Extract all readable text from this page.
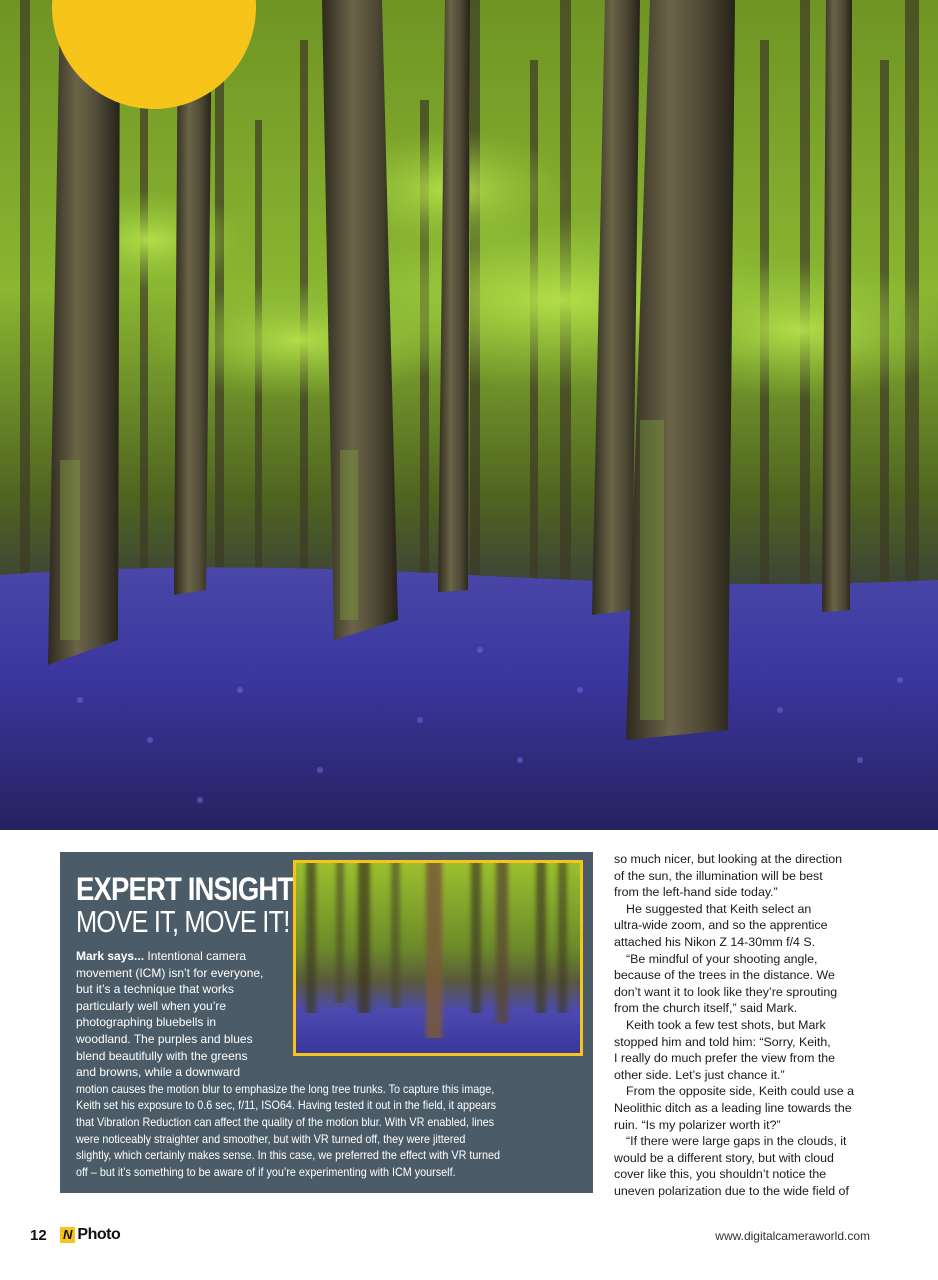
EXPERT INSIGHT
MOVE IT, MOVE IT!
Mark says... Intentional camera
movement (ICM) isn’t for everyone,
but it’s a technique that works
particularly well when you’re
photographing bluebells in
woodland. The purples and blues
blend beautifully with the greens
and browns, while a downward
motion causes the motion blur to emphasize the long tree trunks. To capture this image, Keith set his exposure to 0.6 sec, f/11, ISO64. Having tested it out in the field, it appears that Vibration Reduction can affect the quality of the motion blur. With VR enabled, lines were noticeably straighter and smoother, but with VR turned off, they were jittered slightly, which certainly makes sense. In this case, we preferred the effect with VR turned off – but it’s something to be aware of if you’re experimenting with ICM yourself.
so much nicer, but looking at the direction
of the sun, the illumination will be best
from the left-hand side today.”
He suggested that Keith select an
ultra-wide zoom, and so the apprentice
attached his Nikon Z 14-30mm f/4 S.
“Be mindful of your shooting angle,
because of the trees in the distance. We
don’t want it to look like they’re sprouting
from the church itself,” said Mark.
Keith took a few test shots, but Mark
stopped him and told him: “Sorry, Keith,
I really do much prefer the view from the
other side. Let’s just chance it.”
From the opposite side, Keith could use a
Neolithic ditch as a leading line towards the
ruin. “Is my polarizer worth it?”
“If there were large gaps in the clouds, it
would be a different story, but with cloud
cover like this, you shouldn’t notice the
uneven polarization due to the wide field of
12 N Photo	www.digitalcameraworld.com
